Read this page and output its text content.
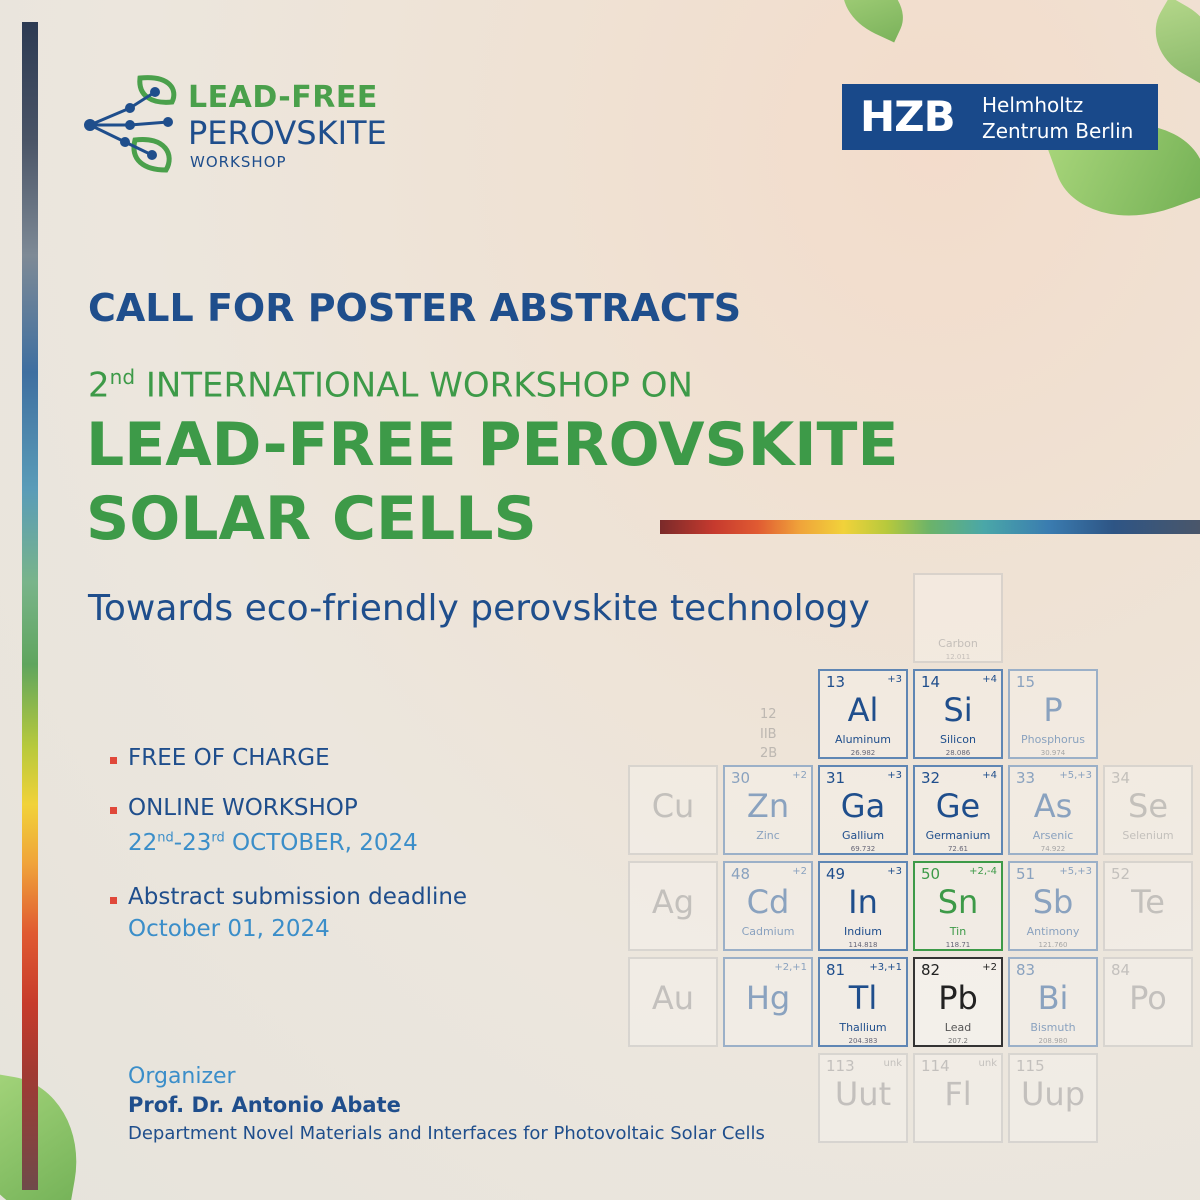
LEAD-FREE
PEROVSKITE
WORKSHOP
HZB Helmholtz
Zentrum Berlin
Carbon
12.011
13	+3
Al
Aluminum
26.982
14	+4
Si
Silicon
28.086
15
P
Phosphorus
30.974
30	+2
Zn
Zinc
31	+3
Ga
Gallium
69.732
32	+4
Ge
Germanium
72.61
33 +5,+3
As
Arsenic
74.922
34
Se
Selenium
48	+2
Cd
Cadmium
49	+3
In
Indium
114.818
50	+2,-4
Sn
Tin
118.71
51 +5,+3
Sb
Antimony
121.760
52
Te
+2,+1
Hg
81 +3,+1
Tl
Thallium
204.383
82	+2
Pb
Lead
207.2
83
Bi
Bismuth
208.980
84
Po
113	unk
Uut
114	unk
Fl
115
Uup
Cu
Ag
Au
12
IIB
2B
CALL FOR POSTER ABSTRACTS
2nd INTERNATIONAL WORKSHOP ON
LEAD-FREE PEROVSKITE
SOLAR CELLS
Towards eco-friendly perovskite technology
FREE OF CHARGE
ONLINE WORKSHOP
22nd-23rd OCTOBER, 2024
Abstract submission deadline
October 01, 2024
Organizer
Prof. Dr. Antonio Abate
Department Novel Materials and Interfaces for Photovoltaic Solar Cells
